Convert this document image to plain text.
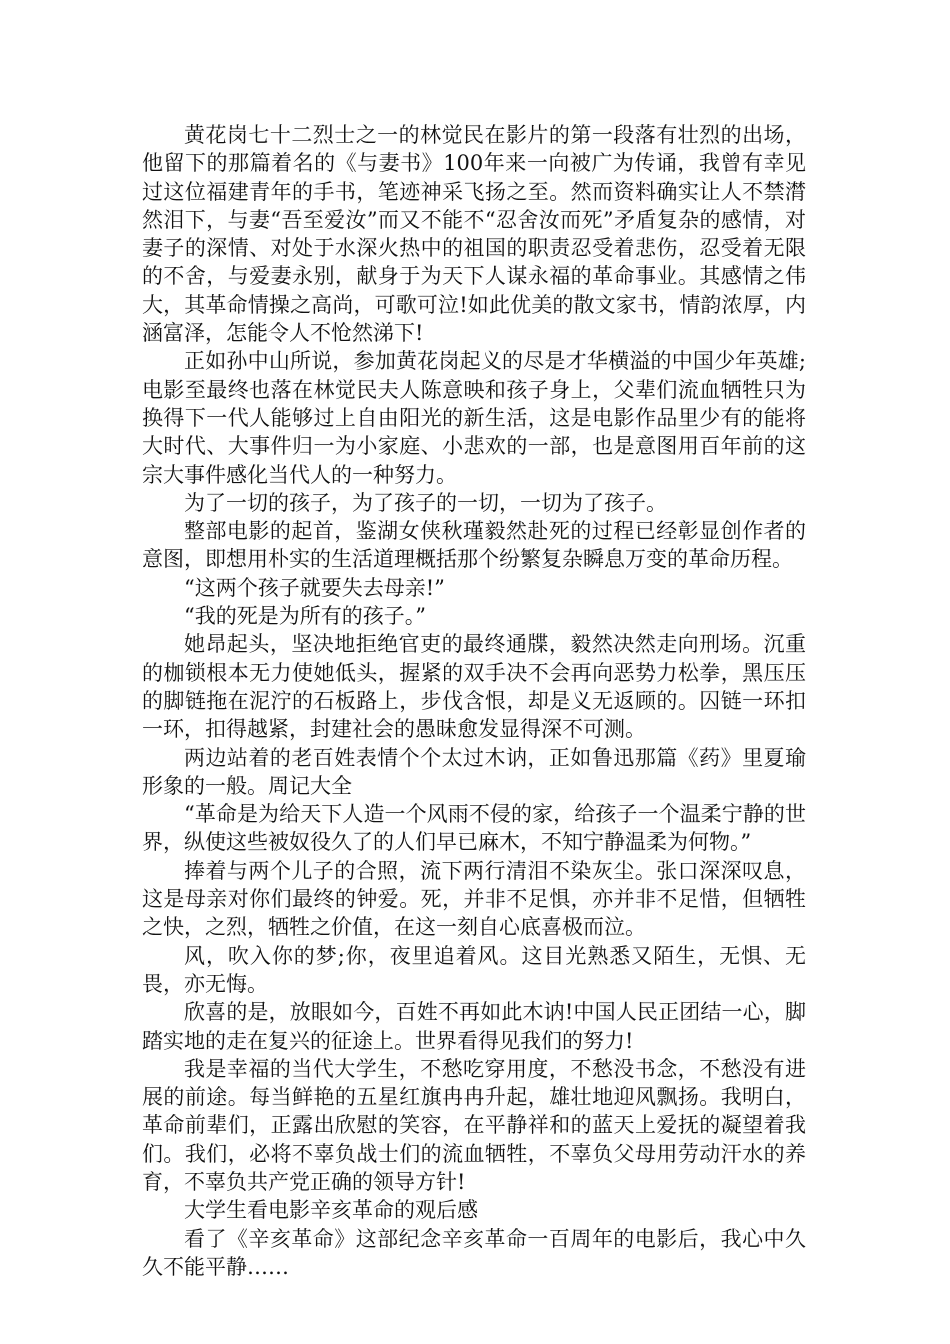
黄花岗七十二烈士之一的林觉民在影片的第一段落有壮烈的出场，他留下的那篇着名的《与妻书》100年来一向被广为传诵，我曾有幸见过这位福建青年的手书，笔迹神采飞扬之至。然而资料确实让人不禁潸然泪下，与妻“吾至爱汝”而又不能不“忍舍汝而死”矛盾复杂的感情，对妻子的深情、对处于水深火热中的祖国的职责忍受着悲伤，忍受着无限的不舍，与爱妻永别，献身于为天下人谋永福的革命事业。其感情之伟大，其革命情操之高尚，可歌可泣!如此优美的散文家书，情韵浓厚，内涵富泽，怎能令人不怆然涕下!

正如孙中山所说，参加黄花岗起义的尽是才华横溢的中国少年英雄;电影至最终也落在林觉民夫人陈意映和孩子身上，父辈们流血牺牲只为换得下一代人能够过上自由阳光的新生活，这是电影作品里少有的能将大时代、大事件归一为小家庭、小悲欢的一部，也是意图用百年前的这宗大事件感化当代人的一种努力。

为了一切的孩子，为了孩子的一切，一切为了孩子。

整部电影的起首，鉴湖女侠秋瑾毅然赴死的过程已经彰显创作者的意图，即想用朴实的生活道理概括那个纷繁复杂瞬息万变的革命历程。

“这两个孩子就要失去母亲!”

“我的死是为所有的孩子。”

她昂起头，坚决地拒绝官吏的最终通牒，毅然决然走向刑场。沉重的枷锁根本无力使她低头，握紧的双手决不会再向恶势力松拳，黑压压的脚链拖在泥泞的石板路上，步伐含恨，却是义无返顾的。囚链一环扣一环，扣得越紧，封建社会的愚昧愈发显得深不可测。

两边站着的老百姓表情个个太过木讷，正如鲁迅那篇《药》里夏瑜形象的一般。周记大全

“革命是为给天下人造一个风雨不侵的家，给孩子一个温柔宁静的世界，纵使这些被奴役久了的人们早已麻木，不知宁静温柔为何物。”

捧着与两个儿子的合照，流下两行清泪不染灰尘。张口深深叹息，这是母亲对你们最终的钟爱。死，并非不足惧，亦并非不足惜，但牺牲之快，之烈，牺牲之价值，在这一刻自心底喜极而泣。

风，吹入你的梦;你，夜里追着风。这目光熟悉又陌生，无惧、无畏，亦无悔。

欣喜的是，放眼如今，百姓不再如此木讷!中国人民正团结一心，脚踏实地的走在复兴的征途上。世界看得见我们的努力!

我是幸福的当代大学生，不愁吃穿用度，不愁没书念，不愁没有进展的前途。每当鲜艳的五星红旗冉冉升起，雄壮地迎风飘扬。我明白，革命前辈们，正露出欣慰的笑容，在平静祥和的蓝天上爱抚的凝望着我们。我们，必将不辜负战士们的流血牺牲，不辜负父母用劳动汗水的养育，不辜负共产党正确的领导方针!

大学生看电影辛亥革命的观后感

看了《辛亥革命》这部纪念辛亥革命一百周年的电影后，我心中久久不能平静……
